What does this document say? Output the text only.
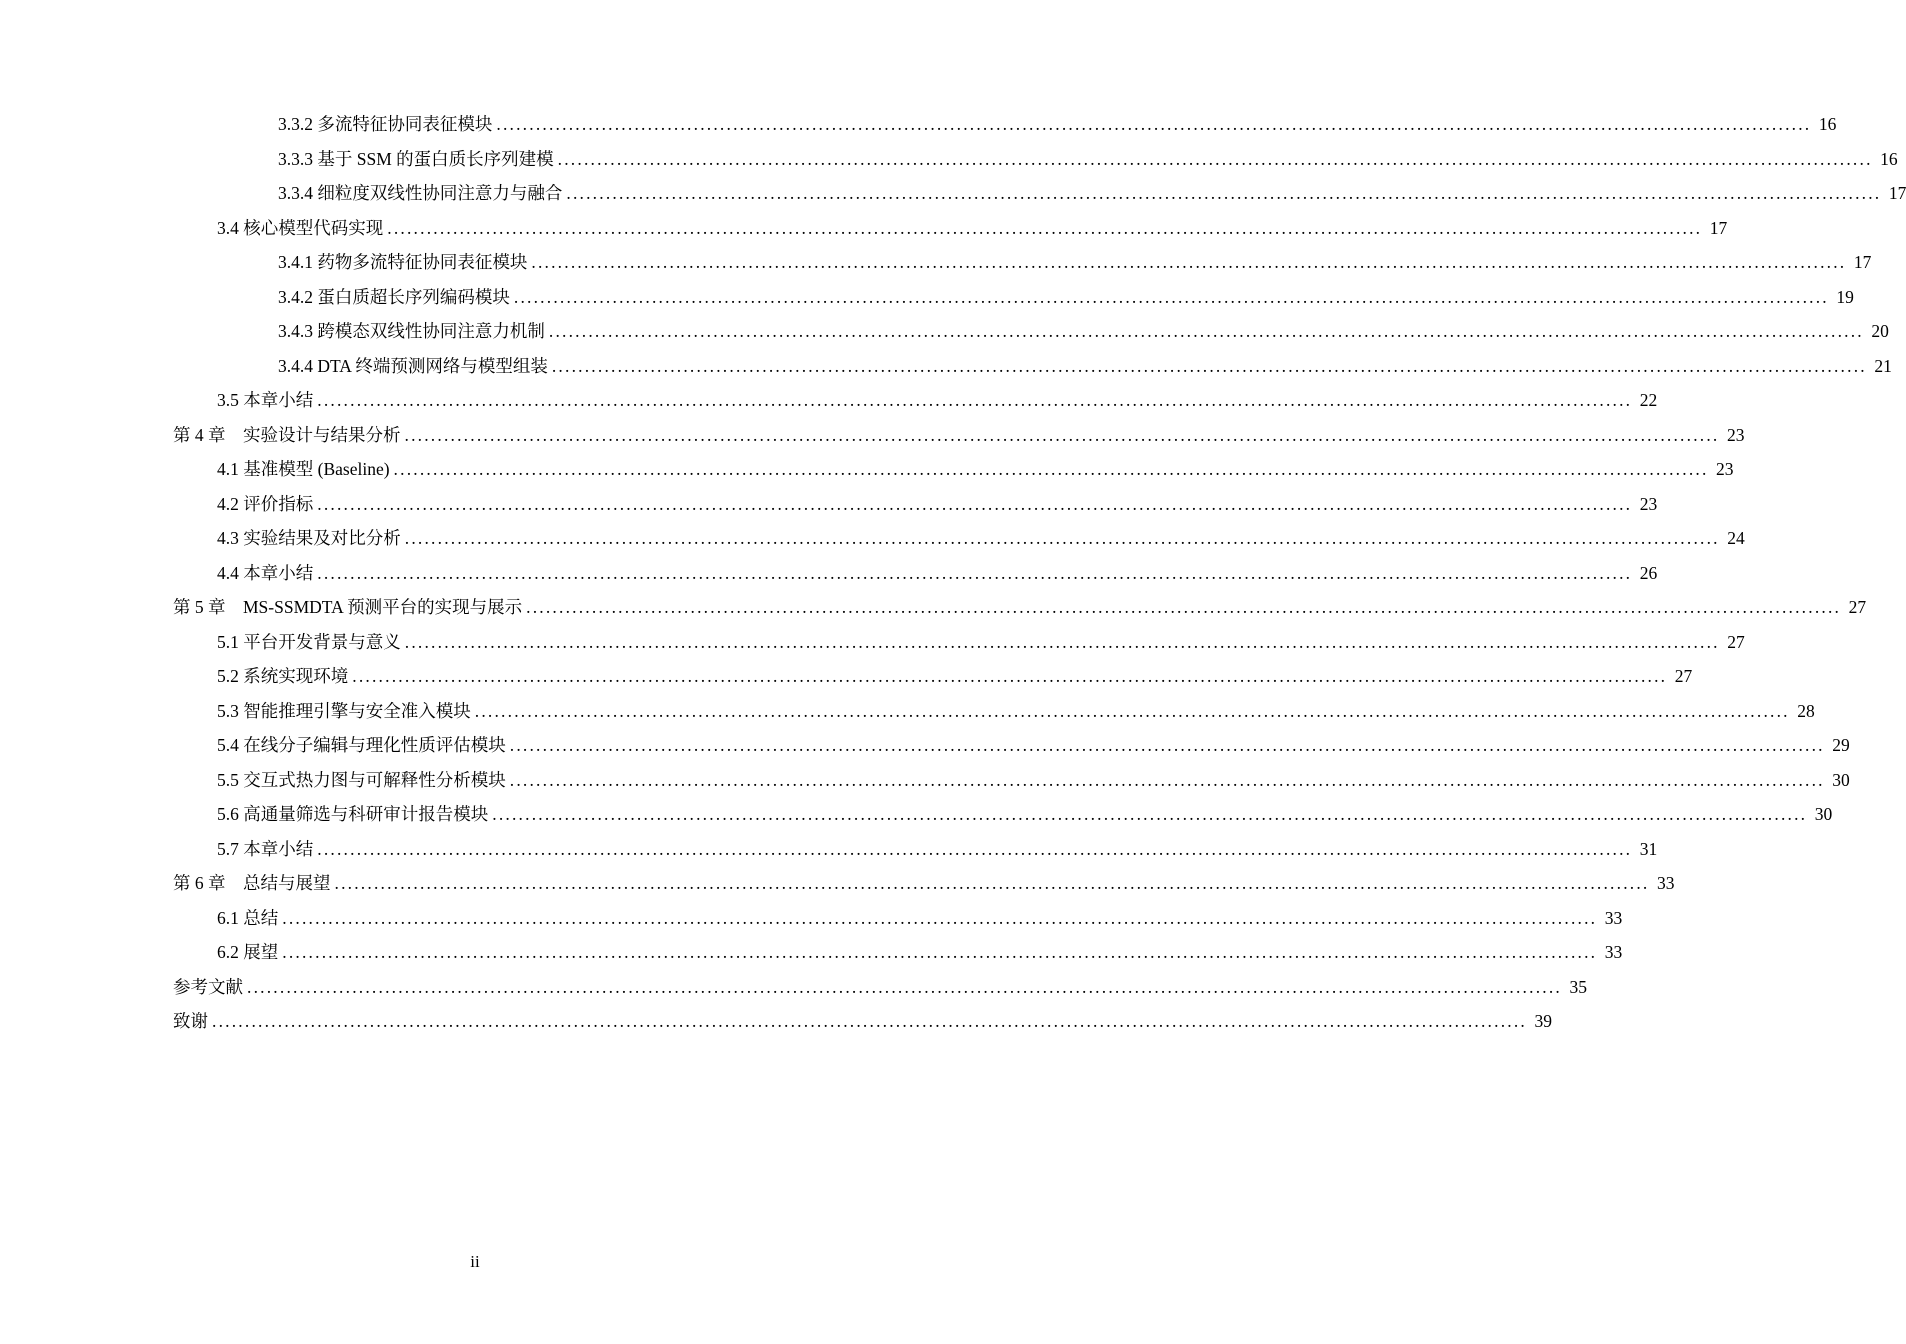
3.3.2 多流特征协同表征模块 ........................................................................................................................................................................................................ 16
3.3.3 基于 SSM 的蛋白质长序列建模 ........................................................................................................................................................................................................ 16
3.3.4 细粒度双线性协同注意力与融合 ........................................................................................................................................................................................................ 17
3.4 核心模型代码实现 ........................................................................................................................................................................................................ 17
3.4.1 药物多流特征协同表征模块 ........................................................................................................................................................................................................ 17
3.4.2 蛋白质超长序列编码模块 ........................................................................................................................................................................................................ 19
3.4.3 跨模态双线性协同注意力机制 ........................................................................................................................................................................................................ 20
3.4.4 DTA 终端预测网络与模型组装 ........................................................................................................................................................................................................ 21
3.5 本章小结 ........................................................................................................................................................................................................ 22
第 4 章　实验设计与结果分析 ........................................................................................................................................................................................................ 23
4.1 基准模型 (Baseline) ........................................................................................................................................................................................................ 23
4.2 评价指标 ........................................................................................................................................................................................................ 23
4.3 实验结果及对比分析 ........................................................................................................................................................................................................ 24
4.4 本章小结 ........................................................................................................................................................................................................ 26
第 5 章　MS-SSMDTA 预测平台的实现与展示 ........................................................................................................................................................................................................ 27
5.1 平台开发背景与意义 ........................................................................................................................................................................................................ 27
5.2 系统实现环境 ........................................................................................................................................................................................................ 27
5.3 智能推理引擎与安全准入模块 ........................................................................................................................................................................................................ 28
5.4 在线分子编辑与理化性质评估模块 ........................................................................................................................................................................................................ 29
5.5 交互式热力图与可解释性分析模块 ........................................................................................................................................................................................................ 30
5.6 高通量筛选与科研审计报告模块 ........................................................................................................................................................................................................ 30
5.7 本章小结 ........................................................................................................................................................................................................ 31
第 6 章　总结与展望 ........................................................................................................................................................................................................ 33
6.1 总结 ........................................................................................................................................................................................................ 33
6.2 展望 ........................................................................................................................................................................................................ 33
参考文献 ........................................................................................................................................................................................................ 35
致谢 ........................................................................................................................................................................................................ 39
ii
